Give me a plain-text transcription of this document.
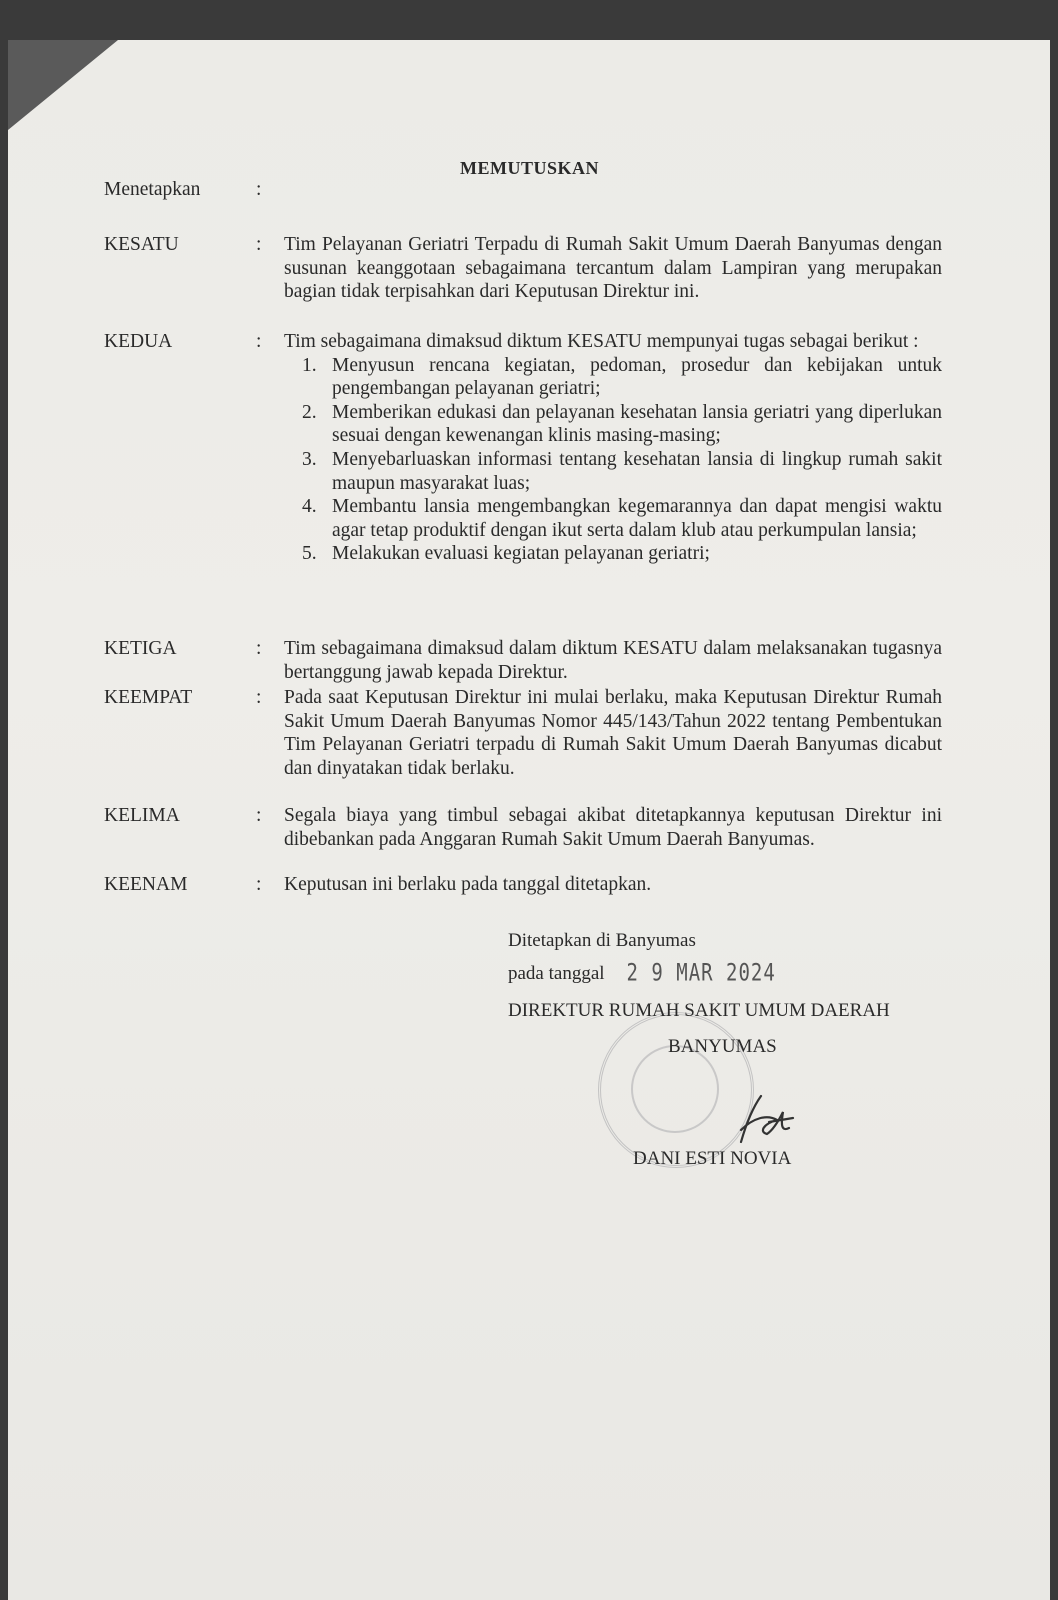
MEMUTUSKAN
Menetapkan	:
KESATU	: Tim Pelayanan Geriatri Terpadu di Rumah Sakit Umum Daerah Banyumas dengan susunan keanggotaan sebagaimana tercantum dalam Lampiran yang merupakan bagian tidak terpisahkan dari Keputusan Direktur ini.
KEDUA	: Tim sebagaimana dimaksud diktum KESATU mempunyai tugas sebagai berikut :
1. Menyusun rencana kegiatan, pedoman, prosedur dan kebijakan untuk pengembangan pelayanan geriatri;
2. Memberikan edukasi dan pelayanan kesehatan lansia geriatri yang diperlukan sesuai dengan kewenangan klinis masing-masing;
3. Menyebarluaskan informasi tentang kesehatan lansia di lingkup rumah sakit maupun masyarakat luas;
4. Membantu lansia mengembangkan kegemarannya dan dapat mengisi waktu agar tetap produktif dengan ikut serta dalam klub atau perkumpulan lansia;
5. Melakukan evaluasi kegiatan pelayanan geriatri;
KETIGA	: Tim sebagaimana dimaksud dalam diktum KESATU dalam melaksanakan tugasnya bertanggung jawab kepada Direktur.
KEEMPAT	: Pada saat Keputusan Direktur ini mulai berlaku, maka Keputusan Direktur Rumah Sakit Umum Daerah Banyumas Nomor 445/143/Tahun 2022 tentang Pembentukan Tim Pelayanan Geriatri terpadu di Rumah Sakit Umum Daerah Banyumas dicabut dan dinyatakan tidak berlaku.
KELIMA	: Segala biaya yang timbul sebagai akibat ditetapkannya keputusan Direktur ini dibebankan pada Anggaran Rumah Sakit Umum Daerah Banyumas.
KEENAM	: Keputusan ini berlaku pada tanggal ditetapkan.
Ditetapkan di Banyumas
pada tanggal 2 9 MAR 2024
DIREKTUR RUMAH SAKIT UMUM DAERAH
BANYUMAS
DANI ESTI NOVIA
